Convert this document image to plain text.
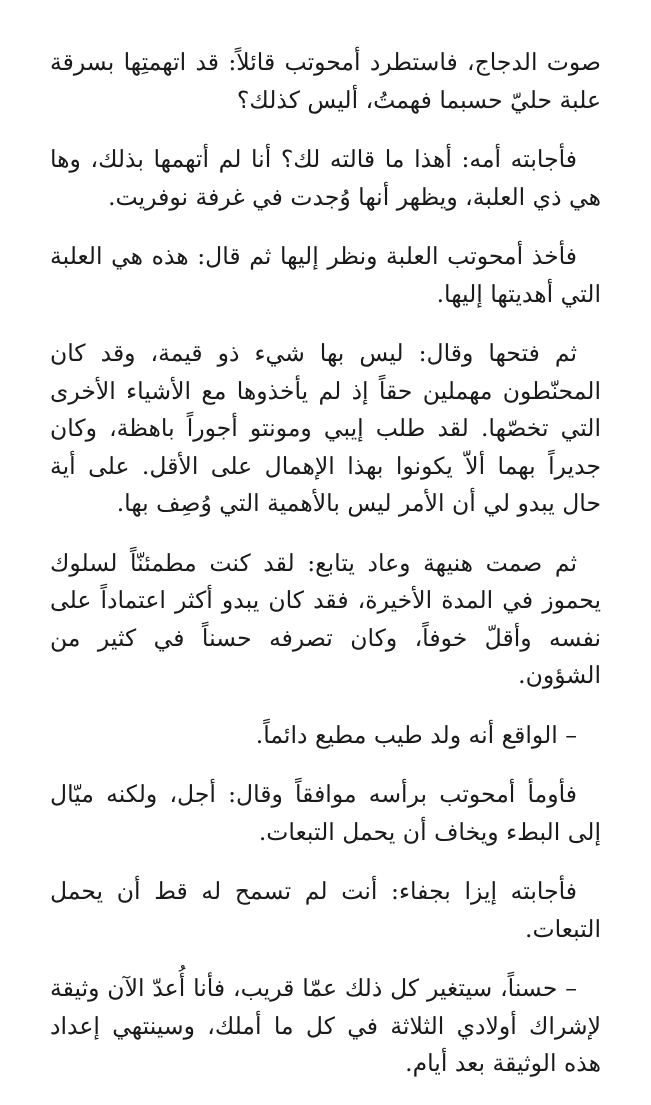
صوت الدجاج، فاستطرد أمحوتب قائلاً: قد اتهمتِها بسرقة علبة حليّ حسبما فهمتُ، أليس كذلك؟

فأجابته أمه: أهذا ما قالته لك؟ أنا لم أتهمها بذلك، وها هي ذي العلبة، ويظهر أنها وُجدت في غرفة نوفريت.

فأخذ أمحوتب العلبة ونظر إليها ثم قال: هذه هي العلبة التي أهديتها إليها.

ثم فتحها وقال: ليس بها شيء ذو قيمة، وقد كان المحنّطون مهملين حقاً إذ لم يأخذوها مع الأشياء الأخرى التي تخصّها. لقد طلب إيبي ومونتو أجوراً باهظة، وكان جديراً بهما ألاّ يكونوا بهذا الإهمال على الأقل. على أية حال يبدو لي أن الأمر ليس بالأهمية التي وُصِف بها.

ثم صمت هنيهة وعاد يتابع: لقد كنت مطمئنّاً لسلوك يحموز في المدة الأخيرة، فقد كان يبدو أكثر اعتماداً على نفسه وأقلّ خوفاً، وكان تصرفه حسناً في كثير من الشؤون.

– الواقع أنه ولد طيب مطيع دائماً.

فأومأ أمحوتب برأسه موافقاً وقال: أجل، ولكنه ميّال إلى البطء ويخاف أن يحمل التبعات.

فأجابته إيزا بجفاء: أنت لم تسمح له قط أن يحمل التبعات.

– حسناً، سيتغير كل ذلك عمّا قريب، فأنا أُعدّ الآن وثيقة لإشراك أولادي الثلاثة في كل ما أملك، وسينتهي إعداد هذه الوثيقة بعد أيام.
